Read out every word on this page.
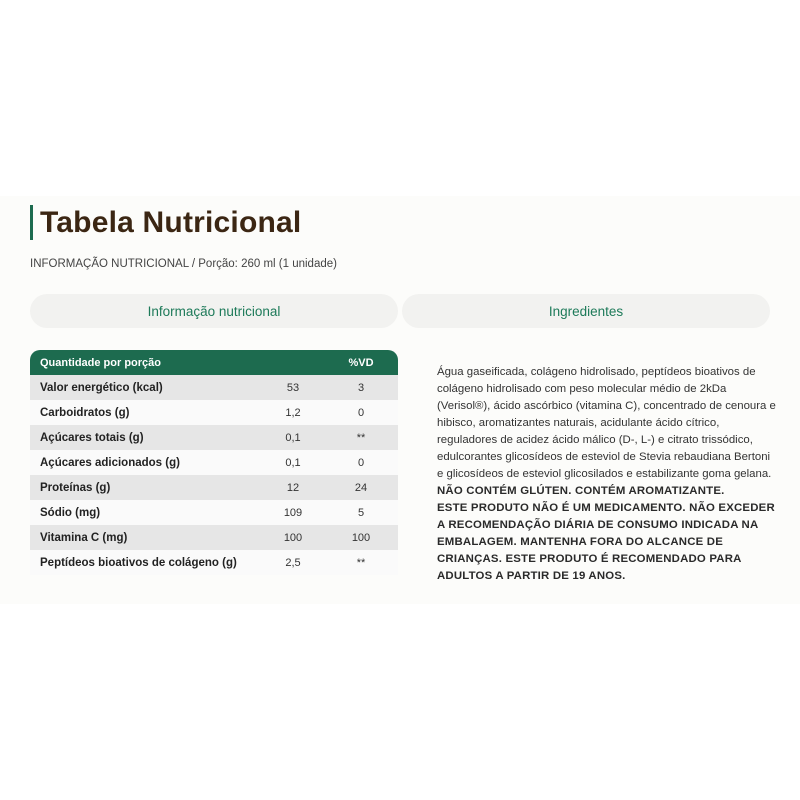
Tabela Nutricional
INFORMAÇÃO NUTRICIONAL / Porção: 260 ml (1 unidade)
Informação nutricional	Ingredientes
Quantidade por porção		%VD
Valor energético (kcal)	53	3
Carboidratos (g)	1,2	0
Açúcares totais (g)	0,1	**
Açúcares adicionados (g)	0,1	0
Proteínas (g)	12	24
Sódio (mg)	109	5
Vitamina C (mg)	100	100
Peptídeos bioativos de colágeno (g)	2,5	**
Água gaseificada, colágeno hidrolisado, peptídeos bioativos de colágeno hidrolisado com peso molecular médio de 2kDa (Verisol®), ácido ascórbico (vitamina C), concentrado de cenoura e hibisco, aromatizantes naturais, acidulante ácido cítrico, reguladores de acidez ácido málico (D-, L-) e citrato trissódico, edulcorantes glicosídeos de esteviol de Stevia rebaudiana Bertoni e glicosídeos de esteviol glicosilados e estabilizante goma gelana. NÃO CONTÉM GLÚTEN. CONTÉM AROMATIZANTE.
ESTE PRODUTO NÃO É UM MEDICAMENTO. NÃO EXCEDER A RECOMENDAÇÃO DIÁRIA DE CONSUMO INDICADA NA EMBALAGEM. MANTENHA FORA DO ALCANCE DE CRIANÇAS. ESTE PRODUTO É RECOMENDADO PARA ADULTOS A PARTIR DE 19 ANOS.
